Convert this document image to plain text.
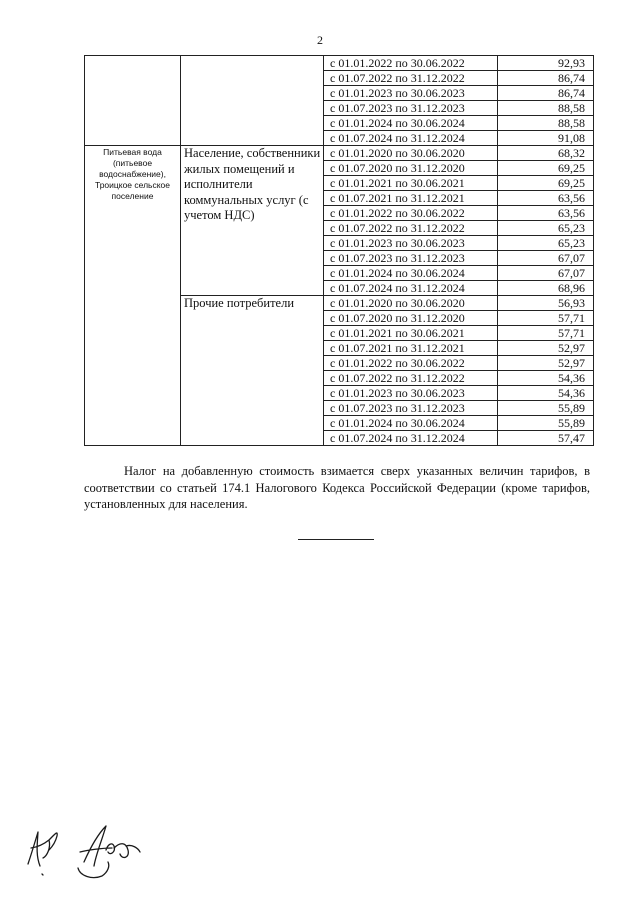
2
		с 01.01.2022 по 30.06.2022	92,93
		с 01.07.2022 по 31.12.2022	86,74
		с 01.01.2023 по 30.06.2023	86,74
		с 01.07.2023 по 31.12.2023	88,58
		с 01.01.2024 по 30.06.2024	88,58
		с 01.07.2024 по 31.12.2024	91,08
Питьевая вода (питьевое водоснабжение), Троицкое сельское поселение	Население, собственники жилых помещений и исполнители коммунальных услуг (с учетом НДС)	с 01.01.2020 по 30.06.2020	68,32
		с 01.07.2020 по 31.12.2020	69,25
		с 01.01.2021 по 30.06.2021	69,25
		с 01.07.2021 по 31.12.2021	63,56
		с 01.01.2022 по 30.06.2022	63,56
		с 01.07.2022 по 31.12.2022	65,23
		с 01.01.2023 по 30.06.2023	65,23
		с 01.07.2023 по 31.12.2023	67,07
		с 01.01.2024 по 30.06.2024	67,07
		с 01.07.2024 по 31.12.2024	68,96
	Прочие потребители	с 01.01.2020 по 30.06.2020	56,93
		с 01.07.2020 по 31.12.2020	57,71
		с 01.01.2021 по 30.06.2021	57,71
		с 01.07.2021 по 31.12.2021	52,97
		с 01.01.2022 по 30.06.2022	52,97
		с 01.07.2022 по 31.12.2022	54,36
		с 01.01.2023 по 30.06.2023	54,36
		с 01.07.2023 по 31.12.2023	55,89
		с 01.01.2024 по 30.06.2024	55,89
		с 01.07.2024 по 31.12.2024	57,47

Налог на добавленную стоимость взимается сверх указанных величин тарифов, в соответствии со статьей 174.1 Налогового Кодекса Российской Федерации (кроме тарифов, установленных для населения.
